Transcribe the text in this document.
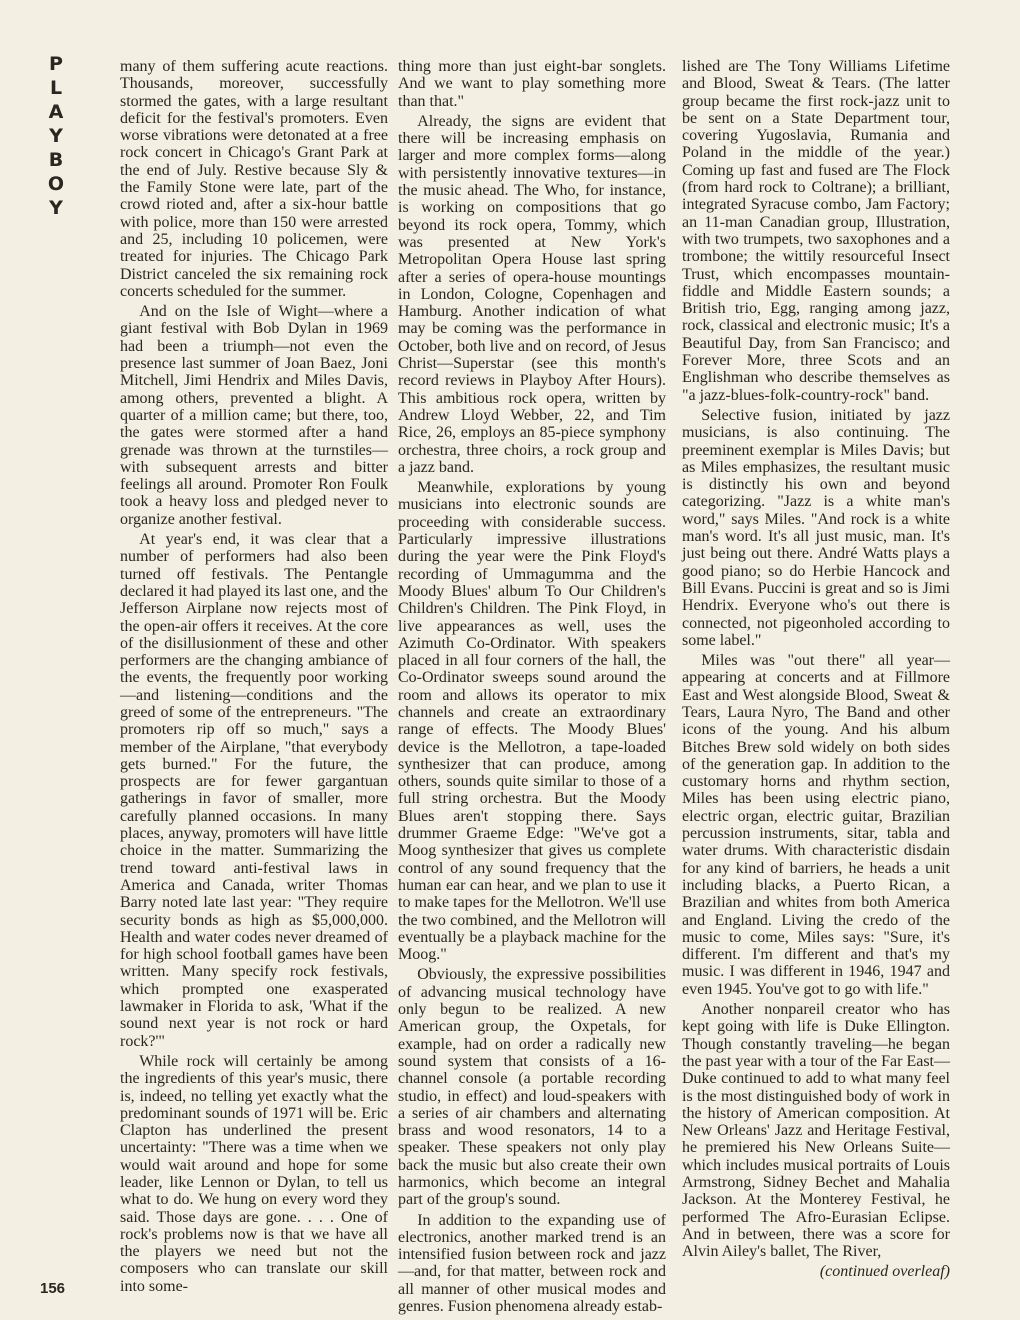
P
L
A
Y
B
O
Y
156

many of them suffering acute reactions. Thousands, moreover, successfully stormed the gates, with a large resultant deficit for the festival's promoters. Even worse vibrations were detonated at a free rock concert in Chicago's Grant Park at the end of July. Restive because Sly & the Family Stone were late, part of the crowd rioted and, after a six-hour battle with police, more than 150 were arrested and 25, including 10 policemen, were treated for injuries. The Chicago Park District canceled the six remaining rock concerts scheduled for the summer.

And on the Isle of Wight—where a giant festival with Bob Dylan in 1969 had been a triumph—not even the presence last summer of Joan Baez, Joni Mitchell, Jimi Hendrix and Miles Davis, among others, prevented a blight. A quarter of a million came; but there, too, the gates were stormed after a hand grenade was thrown at the turnstiles—with subsequent arrests and bitter feelings all around. Promoter Ron Foulk took a heavy loss and pledged never to organize another festival.

At year's end, it was clear that a number of performers had also been turned off festivals. The Pentangle declared it had played its last one, and the Jefferson Airplane now rejects most of the open-air offers it receives. At the core of the disillusionment of these and other performers are the changing ambiance of the events, the frequently poor working—and listening—conditions and the greed of some of the entrepreneurs. "The promoters rip off so much," says a member of the Airplane, "that everybody gets burned." For the future, the prospects are for fewer gargantuan gatherings in favor of smaller, more carefully planned occasions. In many places, anyway, promoters will have little choice in the matter. Summarizing the trend toward anti-festival laws in America and Canada, writer Thomas Barry noted late last year: "They require security bonds as high as $5,000,000. Health and water codes never dreamed of for high school football games have been written. Many specify rock festivals, which prompted one exasperated lawmaker in Florida to ask, 'What if the sound next year is not rock or hard rock?'"

While rock will certainly be among the ingredients of this year's music, there is, indeed, no telling yet exactly what the predominant sounds of 1971 will be. Eric Clapton has underlined the present uncertainty: "There was a time when we would wait around and hope for some leader, like Lennon or Dylan, to tell us what to do. We hung on every word they said. Those days are gone. . . . One of rock's problems now is that we have all the players we need but not the composers who can translate our skill into some-

thing more than just eight-bar songlets. And we want to play something more than that."

Already, the signs are evident that there will be increasing emphasis on larger and more complex forms—along with persistently innovative textures—in the music ahead. The Who, for instance, is working on compositions that go beyond its rock opera, Tommy, which was presented at New York's Metropolitan Opera House last spring after a series of opera-house mountings in London, Cologne, Copenhagen and Hamburg. Another indication of what may be coming was the performance in October, both live and on record, of Jesus Christ—Superstar (see this month's record reviews in Playboy After Hours). This ambitious rock opera, written by Andrew Lloyd Webber, 22, and Tim Rice, 26, employs an 85-piece symphony orchestra, three choirs, a rock group and a jazz band.

Meanwhile, explorations by young musicians into electronic sounds are proceeding with considerable success. Particularly impressive illustrations during the year were the Pink Floyd's recording of Ummagumma and the Moody Blues' album To Our Children's Children's Children. The Pink Floyd, in live appearances as well, uses the Azimuth Co-Ordinator. With speakers placed in all four corners of the hall, the Co-Ordinator sweeps sound around the room and allows its operator to mix channels and create an extraordinary range of effects. The Moody Blues' device is the Mellotron, a tape-loaded synthesizer that can produce, among others, sounds quite similar to those of a full string orchestra. But the Moody Blues aren't stopping there. Says drummer Graeme Edge: "We've got a Moog synthesizer that gives us complete control of any sound frequency that the human ear can hear, and we plan to use it to make tapes for the Mellotron. We'll use the two combined, and the Mellotron will eventually be a playback machine for the Moog."

Obviously, the expressive possibilities of advancing musical technology have only begun to be realized. A new American group, the Oxpetals, for example, had on order a radically new sound system that consists of a 16-channel console (a portable recording studio, in effect) and loud-speakers with a series of air chambers and alternating brass and wood resonators, 14 to a speaker. These speakers not only play back the music but also create their own harmonics, which become an integral part of the group's sound.

In addition to the expanding use of electronics, another marked trend is an intensified fusion between rock and jazz—and, for that matter, between rock and all manner of other musical modes and genres. Fusion phenomena already estab-

lished are The Tony Williams Lifetime and Blood, Sweat & Tears. (The latter group became the first rock-jazz unit to be sent on a State Department tour, covering Yugoslavia, Rumania and Poland in the middle of the year.) Coming up fast and fused are The Flock (from hard rock to Coltrane); a brilliant, integrated Syracuse combo, Jam Factory; an 11-man Canadian group, Illustration, with two trumpets, two saxophones and a trombone; the wittily resourceful Insect Trust, which encompasses mountain-fiddle and Middle Eastern sounds; a British trio, Egg, ranging among jazz, rock, classical and electronic music; It's a Beautiful Day, from San Francisco; and Forever More, three Scots and an Englishman who describe themselves as "a jazz-blues-folk-country-rock" band.

Selective fusion, initiated by jazz musicians, is also continuing. The preeminent exemplar is Miles Davis; but as Miles emphasizes, the resultant music is distinctly his own and beyond categorizing. "Jazz is a white man's word," says Miles. "And rock is a white man's word. It's all just music, man. It's just being out there. André Watts plays a good piano; so do Herbie Hancock and Bill Evans. Puccini is great and so is Jimi Hendrix. Everyone who's out there is connected, not pigeonholed according to some label."

Miles was "out there" all year—appearing at concerts and at Fillmore East and West alongside Blood, Sweat & Tears, Laura Nyro, The Band and other icons of the young. And his album Bitches Brew sold widely on both sides of the generation gap. In addition to the customary horns and rhythm section, Miles has been using electric piano, electric organ, electric guitar, Brazilian percussion instruments, sitar, tabla and water drums. With characteristic disdain for any kind of barriers, he heads a unit including blacks, a Puerto Rican, a Brazilian and whites from both America and England. Living the credo of the music to come, Miles says: "Sure, it's different. I'm different and that's my music. I was different in 1946, 1947 and even 1945. You've got to go with life."

Another nonpareil creator who has kept going with life is Duke Ellington. Though constantly traveling—he began the past year with a tour of the Far East—Duke continued to add to what many feel is the most distinguished body of work in the history of American composition. At New Orleans' Jazz and Heritage Festival, he premiered his New Orleans Suite—which includes musical portraits of Louis Armstrong, Sidney Bechet and Mahalia Jackson. At the Monterey Festival, he performed The Afro-Eurasian Eclipse. And in between, there was a score for Alvin Ailey's ballet, The River,

(continued overleaf)
